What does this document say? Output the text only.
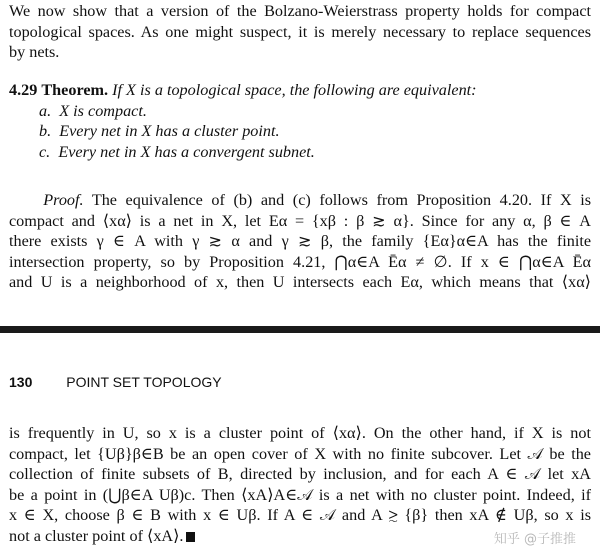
We now show that a version of the Bolzano-Weierstrass property holds for compact
topological spaces. As one might suspect, it is merely necessary to replace sequences
by nets.
4.29 Theorem. If X is a topological space, the following are equivalent:
a. X is compact.
b. Every net in X has a cluster point.
c. Every net in X has a convergent subnet.
Proof. The equivalence of (b) and (c) follows from Proposition 4.20. If X is
compact and ⟨xα⟩ is a net in X, let Eα = {xβ : β ≳ α}. Since for any α, β ∈ A
there exists γ ∈ A with γ ≳ α and γ ≳ β, the family {Eα}α∈A has the finite
intersection property, so by Proposition 4.21, ⋂α∈A Ēα ≠ ∅. If x ∈ ⋂α∈A Ēα
and U is a neighborhood of x, then U intersects each Eα, which means that ⟨xα⟩
130 POINT SET TOPOLOGY
is frequently in U, so x is a cluster point of ⟨xα⟩. On the other hand, if X is not
compact, let {Uβ}β∈B be an open cover of X with no finite subcover. Let 𝒜 be the
collection of finite subsets of B, directed by inclusion, and for each A ∈ 𝒜 let xA
be a point in (⋃β∈A Uβ)c. Then ⟨xA⟩A∈𝒜 is a net with no cluster point. Indeed, if
x ∈ X, choose β ∈ B with x ∈ Uβ. If A ∈ 𝒜 and A ≳ {β} then xA ∉ Uβ, so x is
not a cluster point of ⟨xA⟩.	知乎 @子推推
